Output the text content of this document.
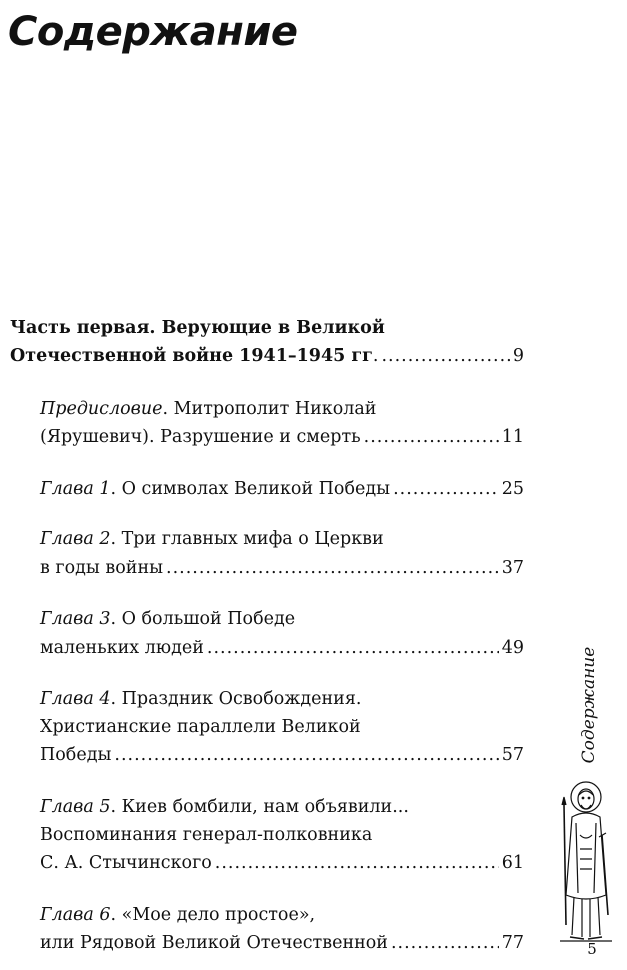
Содержание
Часть первая. Верующие в Великой
Отечественной войне 1941–1945 гг . .....	9
Предисловие . Митрополит Николай
(Ярушевич). Разрушение и смерть .....	11
Глава 1 . О символах Великой Победы .....	25
Глава 2 . Три главных мифа о Церкви
в годы войны .....	37
Глава 3 . О большой Победе
маленьких людей .....	49
Глава 4 . Праздник Освобождения.
Христианские параллели Великой
Победы .....	57
Глава 5 . Киев бомбили, нам объявили...
Воспоминания генерал-полковника
С. А. Стычинского .....	61
Глава 6 . «Мое дело простое»,
или Рядовой Великой Отечественной .....	77
Содержание
5
